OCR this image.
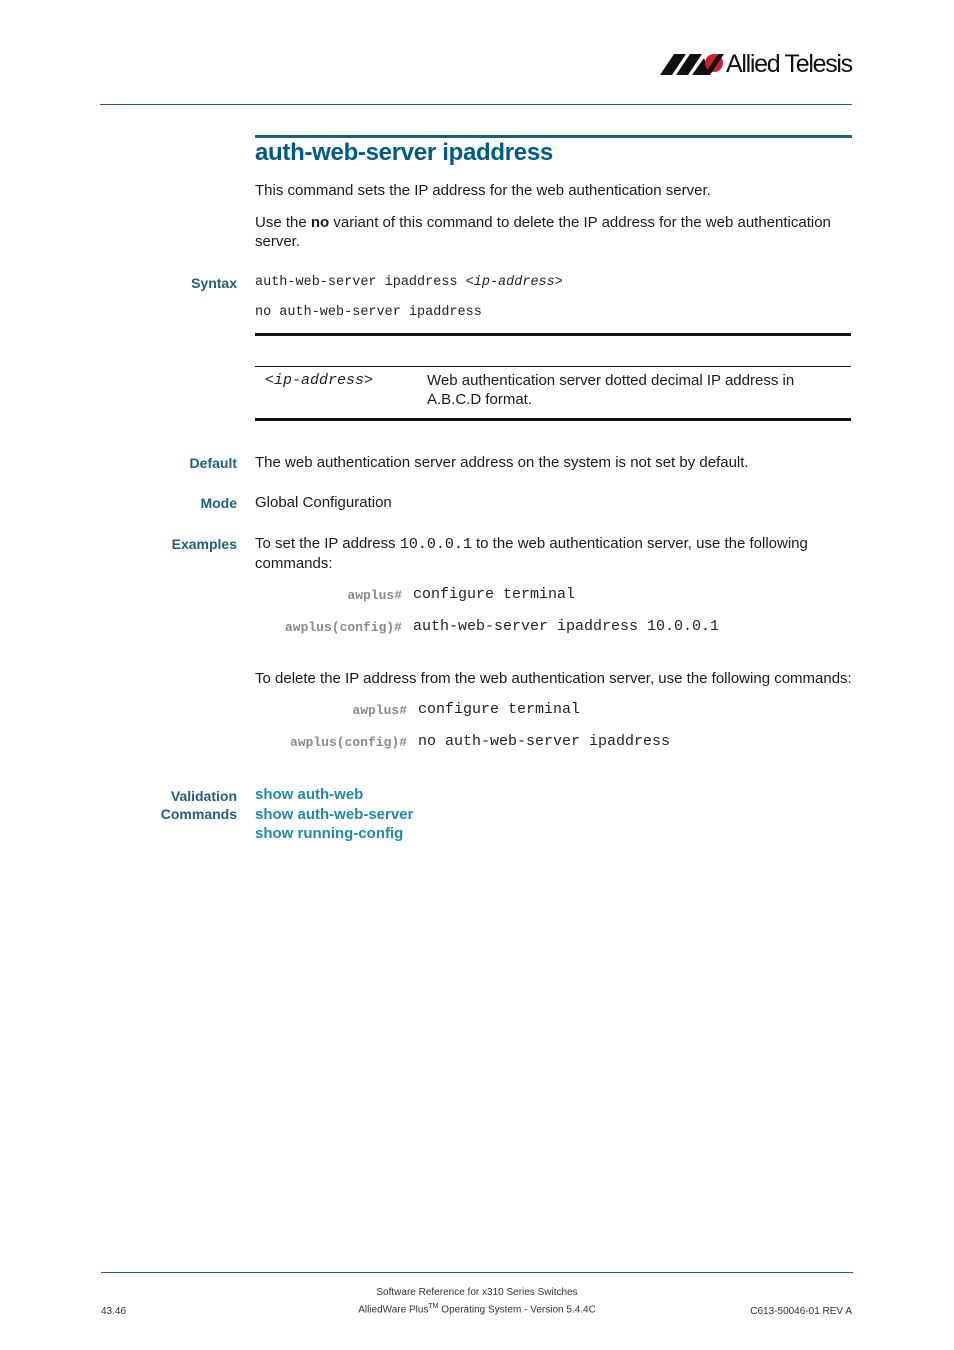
Allied Telesis
auth-web-server ipaddress
This command sets the IP address for the web authentication server.
Use the no variant of this command to delete the IP address for the web authentication server.
Syntax auth-web-server ipaddress <ip-address>
no auth-web-server ipaddress
<ip-address>	Web authentication server dotted decimal IP address in A.B.C.D format.
Default The web authentication server address on the system is not set by default.
Mode Global Configuration
Examples To set the IP address 10.0.0.1 to the web authentication server, use the following commands:
awplus# configure terminal
awplus(config)# auth-web-server ipaddress 10.0.0.1
To delete the IP address from the web authentication server, use the following commands:
awplus# configure terminal
awplus(config)# no auth-web-server ipaddress
Validation
Commands
show auth-web
show auth-web-server
show running-config
Software Reference for x310 Series Switches
43.46	AlliedWare Plus™ Operating System - Version 5.4.4C	C613-50046-01 REV A
